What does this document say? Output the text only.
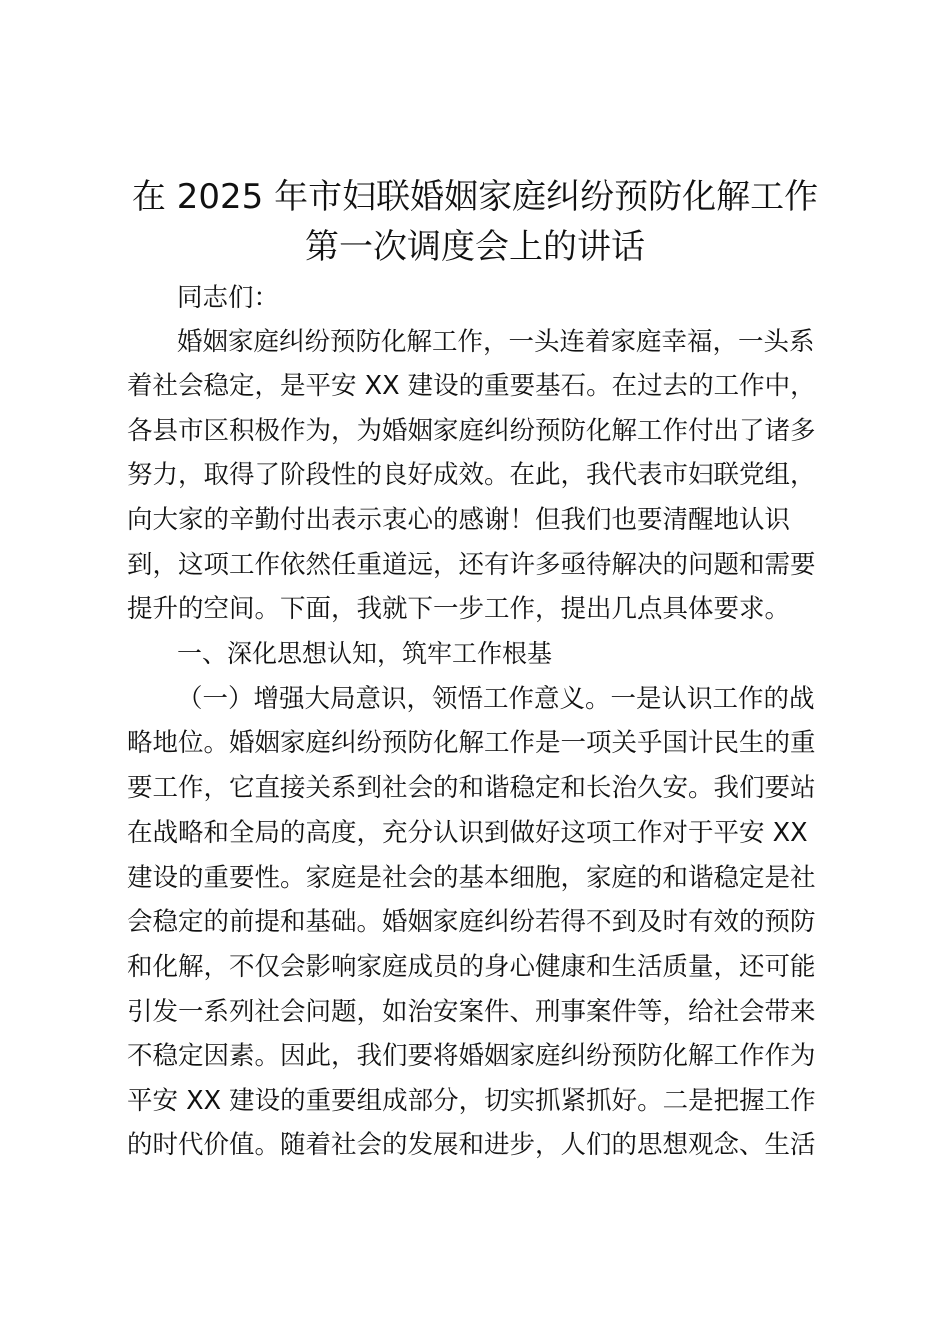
在 2025 年市妇联婚姻家庭纠纷预防化解工作
第一次调度会上的讲话

同志们：

婚姻家庭纠纷预防化解工作，一头连着家庭幸福，一头系

着社会稳定，是平安 XX 建设的重要基石。在过去的工作中，

各县市区积极作为，为婚姻家庭纠纷预防化解工作付出了诸多

努力，取得了阶段性的良好成效。在此，我代表市妇联党组，

向大家的辛勤付出表示衷心的感谢！但我们也要清醒地认识

到，这项工作依然任重道远，还有许多亟待解决的问题和需要

提升的空间。下面，我就下一步工作，提出几点具体要求。

一、深化思想认知，筑牢工作根基

（一）增强大局意识，领悟工作意义。一是认识工作的战

略地位。婚姻家庭纠纷预防化解工作是一项关乎国计民生的重

要工作，它直接关系到社会的和谐稳定和长治久安。我们要站

在战略和全局的高度，充分认识到做好这项工作对于平安 XX

建设的重要性。家庭是社会的基本细胞，家庭的和谐稳定是社

会稳定的前提和基础。婚姻家庭纠纷若得不到及时有效的预防

和化解，不仅会影响家庭成员的身心健康和生活质量，还可能

引发一系列社会问题，如治安案件、刑事案件等，给社会带来

不稳定因素。因此，我们要将婚姻家庭纠纷预防化解工作作为

平安 XX 建设的重要组成部分，切实抓紧抓好。二是把握工作

的时代价值。随着社会的发展和进步，人们的思想观念、生活
